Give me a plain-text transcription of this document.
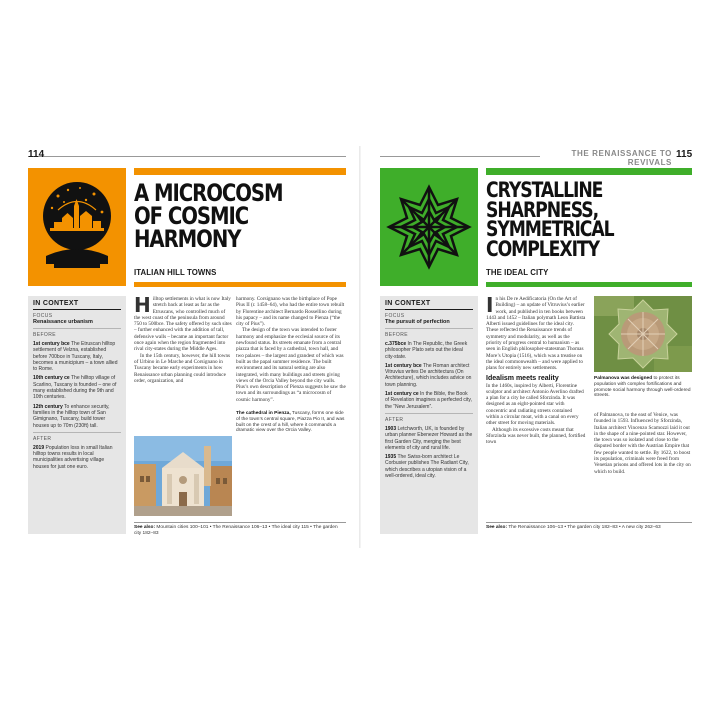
114
A MICROCOSM
OF COSMIC
HARMONY
ITALIAN HILL TOWNS
IN CONTEXT
FOCUS
Renaissance urbanism
BEFORE
1st century bce The Etruscan hilltop settlement of Velzna, established before 700bce in Tuscany, Italy, becomes a municipium – a town allied to Rome.
10th century ce The hilltop village of Scarlino, Tuscany is founded – one of many established during the 9th and 10th centuries.
12th century To enhance security, families in the hilltop town of San Gimignano, Tuscany, build tower houses up to 70m (230ft) tall.
AFTER
2019 Population loss in small Italian hilltop towns results in local municipalities advertising village houses for just one euro.
H illtop settlements in what is now Italy stretch back at least as far as the Etruscans, who controlled much of the west coast of the peninsula from around 750 to 500bce. The safety offered by such sites – further enhanced with the addition of tall, defensive walls – became an important factor once again when the region fragmented into rival city-states during the Middle Ages.

In the 15th century, however, the hill towns of Urbino in Le Marche and Corsignano in Tuscany became early experiments in how Renaissance urban planning could introduce order, organization, and

harmony. Corsignano was the birthplace of Pope Pius II (r. 1458–64), who had the entire town rebuilt by Florentine architect Bernardo Rossellino during his papacy – and its name changed to Pienza (“the city of Pius”).

The design of the town was intended to foster harmony and emphasize the ecclesial source of its newfound status. Its streets emanate from a central piazza that is faced by a cathedral, town hall, and two palaces – the largest and grandest of which was built as the papal summer residence. The built environment and its natural setting are also integrated, with many buildings and streets giving views of the Orcia Valley beyond the city walls. Pius’s own description of Pienza suggests he saw the town and its surroundings as “a microcosm of cosmic harmony”.

The cathedral in Pienza, Tuscany, forms one side of the town’s central square, Piazza Pio II, and was built on the crest of a hill, where it commands a dramatic view over the Orcia Valley.

See also: Mountain cities 100–101 • The Renaissance 106–13 • The ideal city 115 • The garden city 182–83
THE RENAISSANCE TO REVIVALS
115
CRYSTALLINE
SHARPNESS,
SYMMETRICAL
COMPLEXITY
THE IDEAL CITY
IN CONTEXT
FOCUS
The pursuit of perfection
BEFORE
c.375bce In The Republic, the Greek philosopher Plato sets out the ideal city-state.
1st century bce The Roman architect Vitruvius writes De architectura (On Architecture), which includes advice on town planning.
1st century ce In the Bible, the Book of Revelation imagines a perfected city, the “New Jerusalem”.
AFTER
1903 Letchworth, UK, is founded by urban planner Ebenezer Howard as the first Garden City, merging the best elements of city and rural life.
1935 The Swiss-born architect Le Corbusier publishes The Radiant City, which describes a utopian vision of a well-ordered, ideal city.
I n his De re Aedificatoria (On the Art of Building) – an update of Vitruvius’s earlier work, and published in ten books between 1443 and 1452 – Italian polymath Leon Battista Alberti issued guidelines for the ideal city. These reflected the Renaissance trends of symmetry and modularity, as well as the priority of progress central to humanism – as seen in English philosopher-statesman Thomas More’s Utopia (1516), which was a treatise on the ideal commonwealth – and were applied to plans for entirely new settlements.

Idealism meets reality

In the 1460s, inspired by Alberti, Florentine sculptor and architect Antonio Averlino drafted a plan for a city he called Sforzinda. It was designed as an eight-pointed star with concentric and radiating streets contained within a circular moat, with a canal on every other street for moving materials.

Although its excessive costs meant that Sforzinda was never built, the planned, fortified town

Palmanova was designed to protect its population with complex fortifications and promote social harmony through well-ordered streets.

of Palmanova, to the east of Venice, was founded in 1593. Influenced by Sforzinda, Italian architect Vincenzo Scamozzi laid it out in the shape of a nine-pointed star. However, the town was so isolated and close to the disputed border with the Austrian Empire that few people wanted to settle. By 1622, to boost its population, criminals were freed from Venetian prisons and offered lots in the city on which to build.

See also: The Renaissance 106–13 • The garden city 182–83 • A new city 262–63
